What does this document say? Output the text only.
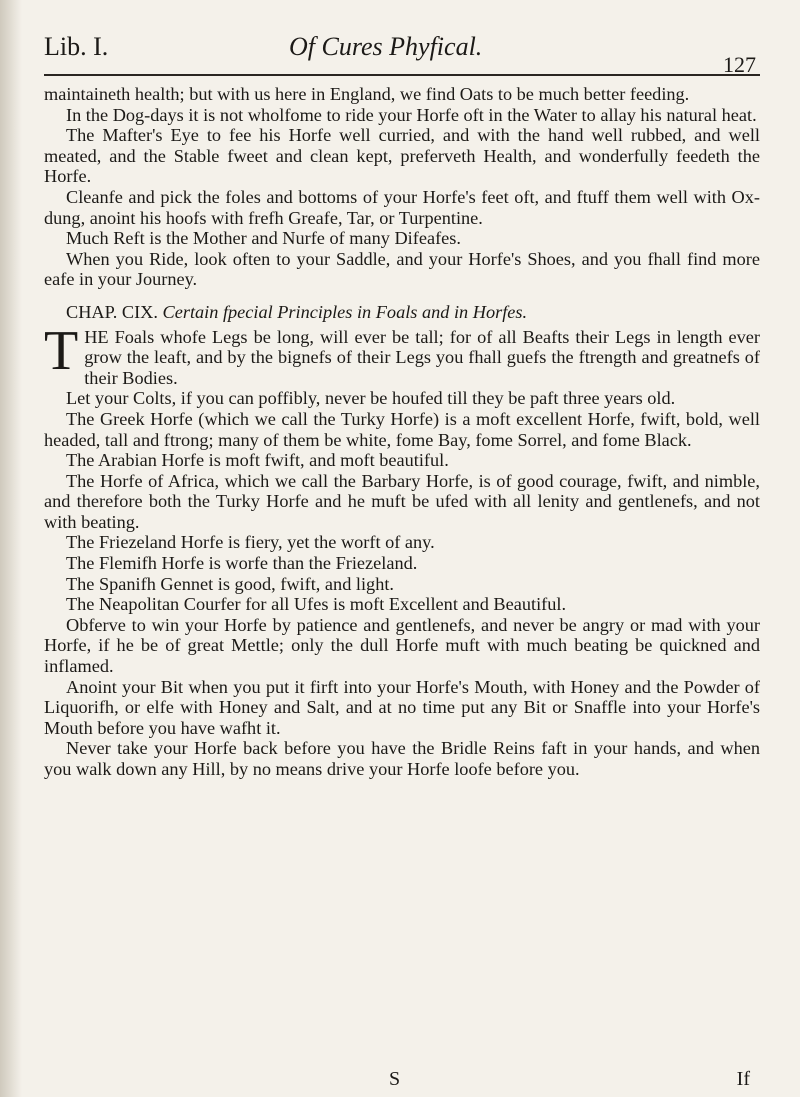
Lib. I.	Of Cures Phyfical.
127

maintaineth health; but with us here in England, we find Oats to be much better feeding.

In the Dog-days it is not wholfome to ride your Horfe oft in the Water to allay his natural heat.

The Mafter's Eye to fee his Horfe well curried, and with the hand well rubbed, and well meated, and the Stable fweet and clean kept, preferveth Health, and wonderfully feedeth the Horfe.

Cleanfe and pick the foles and bottoms of your Horfe's feet oft, and ftuff them well with Ox-dung, anoint his hoofs with frefh Greafe, Tar, or Turpentine.

Much Reft is the Mother and Nurfe of many Difeafes.

When you Ride, look often to your Saddle, and your Horfe's Shoes, and you fhall find more eafe in your Journey.

CHAP. CIX. Certain fpecial Principles in Foals and in Horfes.

THE Foals whofe Legs be long, will ever be tall; for of all Beafts their Legs in length ever grow the leaft, and by the bignefs of their Legs you fhall guefs the ftrength and greatnefs of their Bodies.

Let your Colts, if you can poffibly, never be houfed till they be paft three years old.

The Greek Horfe (which we call the Turky Horfe) is a moft excellent Horfe, fwift, bold, well headed, tall and ftrong; many of them be white, fome Bay, fome Sorrel, and fome Black.

The Arabian Horfe is moft fwift, and moft beautiful.

The Horfe of Africa, which we call the Barbary Horfe, is of good courage, fwift, and nimble, and therefore both the Turky Horfe and he muft be ufed with all lenity and gentlenefs, and not with beating.

The Friezeland Horfe is fiery, yet the worft of any.

The Flemifh Horfe is worfe than the Friezeland.

The Spanifh Gennet is good, fwift, and light.

The Neapolitan Courfer for all Ufes is moft Excellent and Beautiful.

Obferve to win your Horfe by patience and gentlenefs, and never be angry or mad with your Horfe, if he be of great Mettle; only the dull Horfe muft with much beating be quickned and inflamed.

Anoint your Bit when you put it firft into your Horfe's Mouth, with Honey and the Powder of Liquorifh, or elfe with Honey and Salt, and at no time put any Bit or Snaffle into your Horfe's Mouth before you have wafht it.

Never take your Horfe back before you have the Bridle Reins faft in your hands, and when you walk down any Hill, by no means drive your Horfe loofe before you.

S	If
